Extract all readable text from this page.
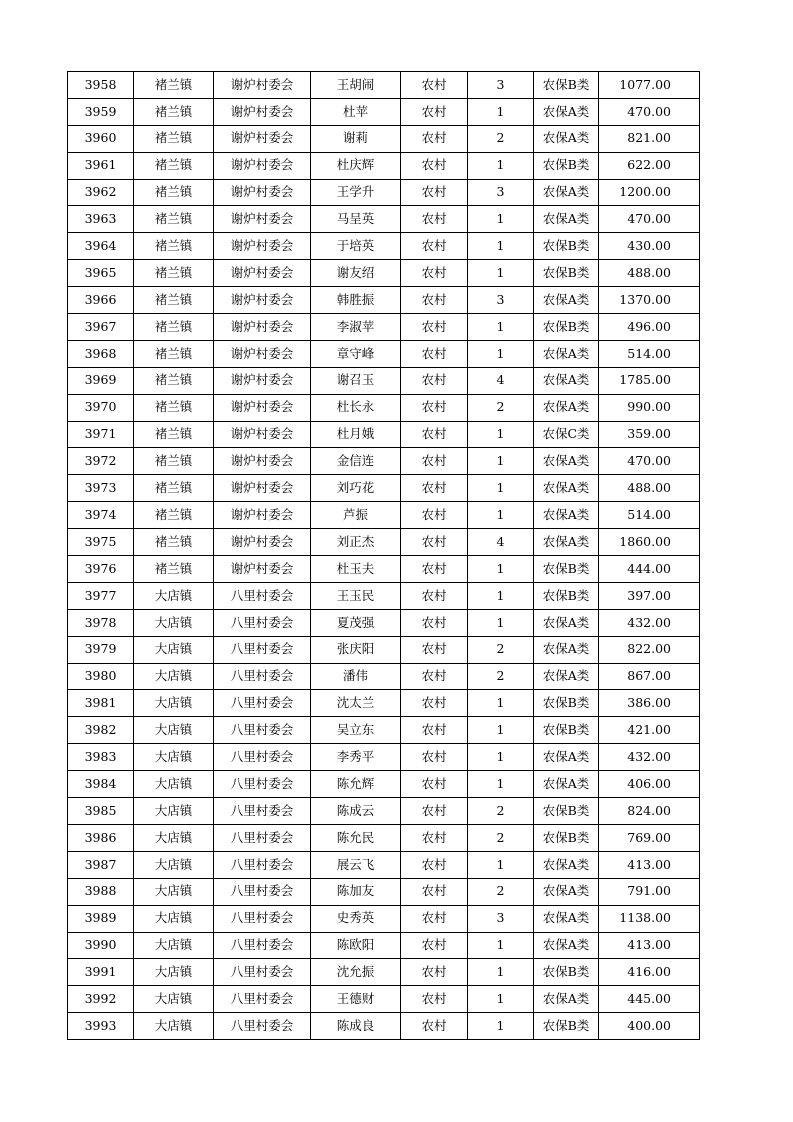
3958	褚兰镇	谢炉村委会	王胡闹	农村	3	农保B类	1077.00
3959	褚兰镇	谢炉村委会	杜苹	农村	1	农保A类	470.00
3960	褚兰镇	谢炉村委会	谢莉	农村	2	农保A类	821.00
3961	褚兰镇	谢炉村委会	杜庆辉	农村	1	农保B类	622.00
3962	褚兰镇	谢炉村委会	王学升	农村	3	农保A类	1200.00
3963	褚兰镇	谢炉村委会	马呈英	农村	1	农保A类	470.00
3964	褚兰镇	谢炉村委会	于培英	农村	1	农保B类	430.00
3965	褚兰镇	谢炉村委会	谢友绍	农村	1	农保B类	488.00
3966	褚兰镇	谢炉村委会	韩胜振	农村	3	农保A类	1370.00
3967	褚兰镇	谢炉村委会	李淑苹	农村	1	农保B类	496.00
3968	褚兰镇	谢炉村委会	章守峰	农村	1	农保A类	514.00
3969	褚兰镇	谢炉村委会	谢召玉	农村	4	农保A类	1785.00
3970	褚兰镇	谢炉村委会	杜长永	农村	2	农保A类	990.00
3971	褚兰镇	谢炉村委会	杜月娥	农村	1	农保C类	359.00
3972	褚兰镇	谢炉村委会	金信连	农村	1	农保A类	470.00
3973	褚兰镇	谢炉村委会	刘巧花	农村	1	农保A类	488.00
3974	褚兰镇	谢炉村委会	芦振	农村	1	农保A类	514.00
3975	褚兰镇	谢炉村委会	刘正杰	农村	4	农保A类	1860.00
3976	褚兰镇	谢炉村委会	杜玉夫	农村	1	农保B类	444.00
3977	大店镇	八里村委会	王玉民	农村	1	农保B类	397.00
3978	大店镇	八里村委会	夏茂强	农村	1	农保A类	432.00
3979	大店镇	八里村委会	张庆阳	农村	2	农保A类	822.00
3980	大店镇	八里村委会	潘伟	农村	2	农保A类	867.00
3981	大店镇	八里村委会	沈太兰	农村	1	农保B类	386.00
3982	大店镇	八里村委会	吴立东	农村	1	农保B类	421.00
3983	大店镇	八里村委会	李秀平	农村	1	农保A类	432.00
3984	大店镇	八里村委会	陈允辉	农村	1	农保A类	406.00
3985	大店镇	八里村委会	陈成云	农村	2	农保B类	824.00
3986	大店镇	八里村委会	陈允民	农村	2	农保B类	769.00
3987	大店镇	八里村委会	展云飞	农村	1	农保A类	413.00
3988	大店镇	八里村委会	陈加友	农村	2	农保A类	791.00
3989	大店镇	八里村委会	史秀英	农村	3	农保A类	1138.00
3990	大店镇	八里村委会	陈欧阳	农村	1	农保A类	413.00
3991	大店镇	八里村委会	沈允振	农村	1	农保B类	416.00
3992	大店镇	八里村委会	王德财	农村	1	农保A类	445.00
3993	大店镇	八里村委会	陈成良	农村	1	农保B类	400.00
